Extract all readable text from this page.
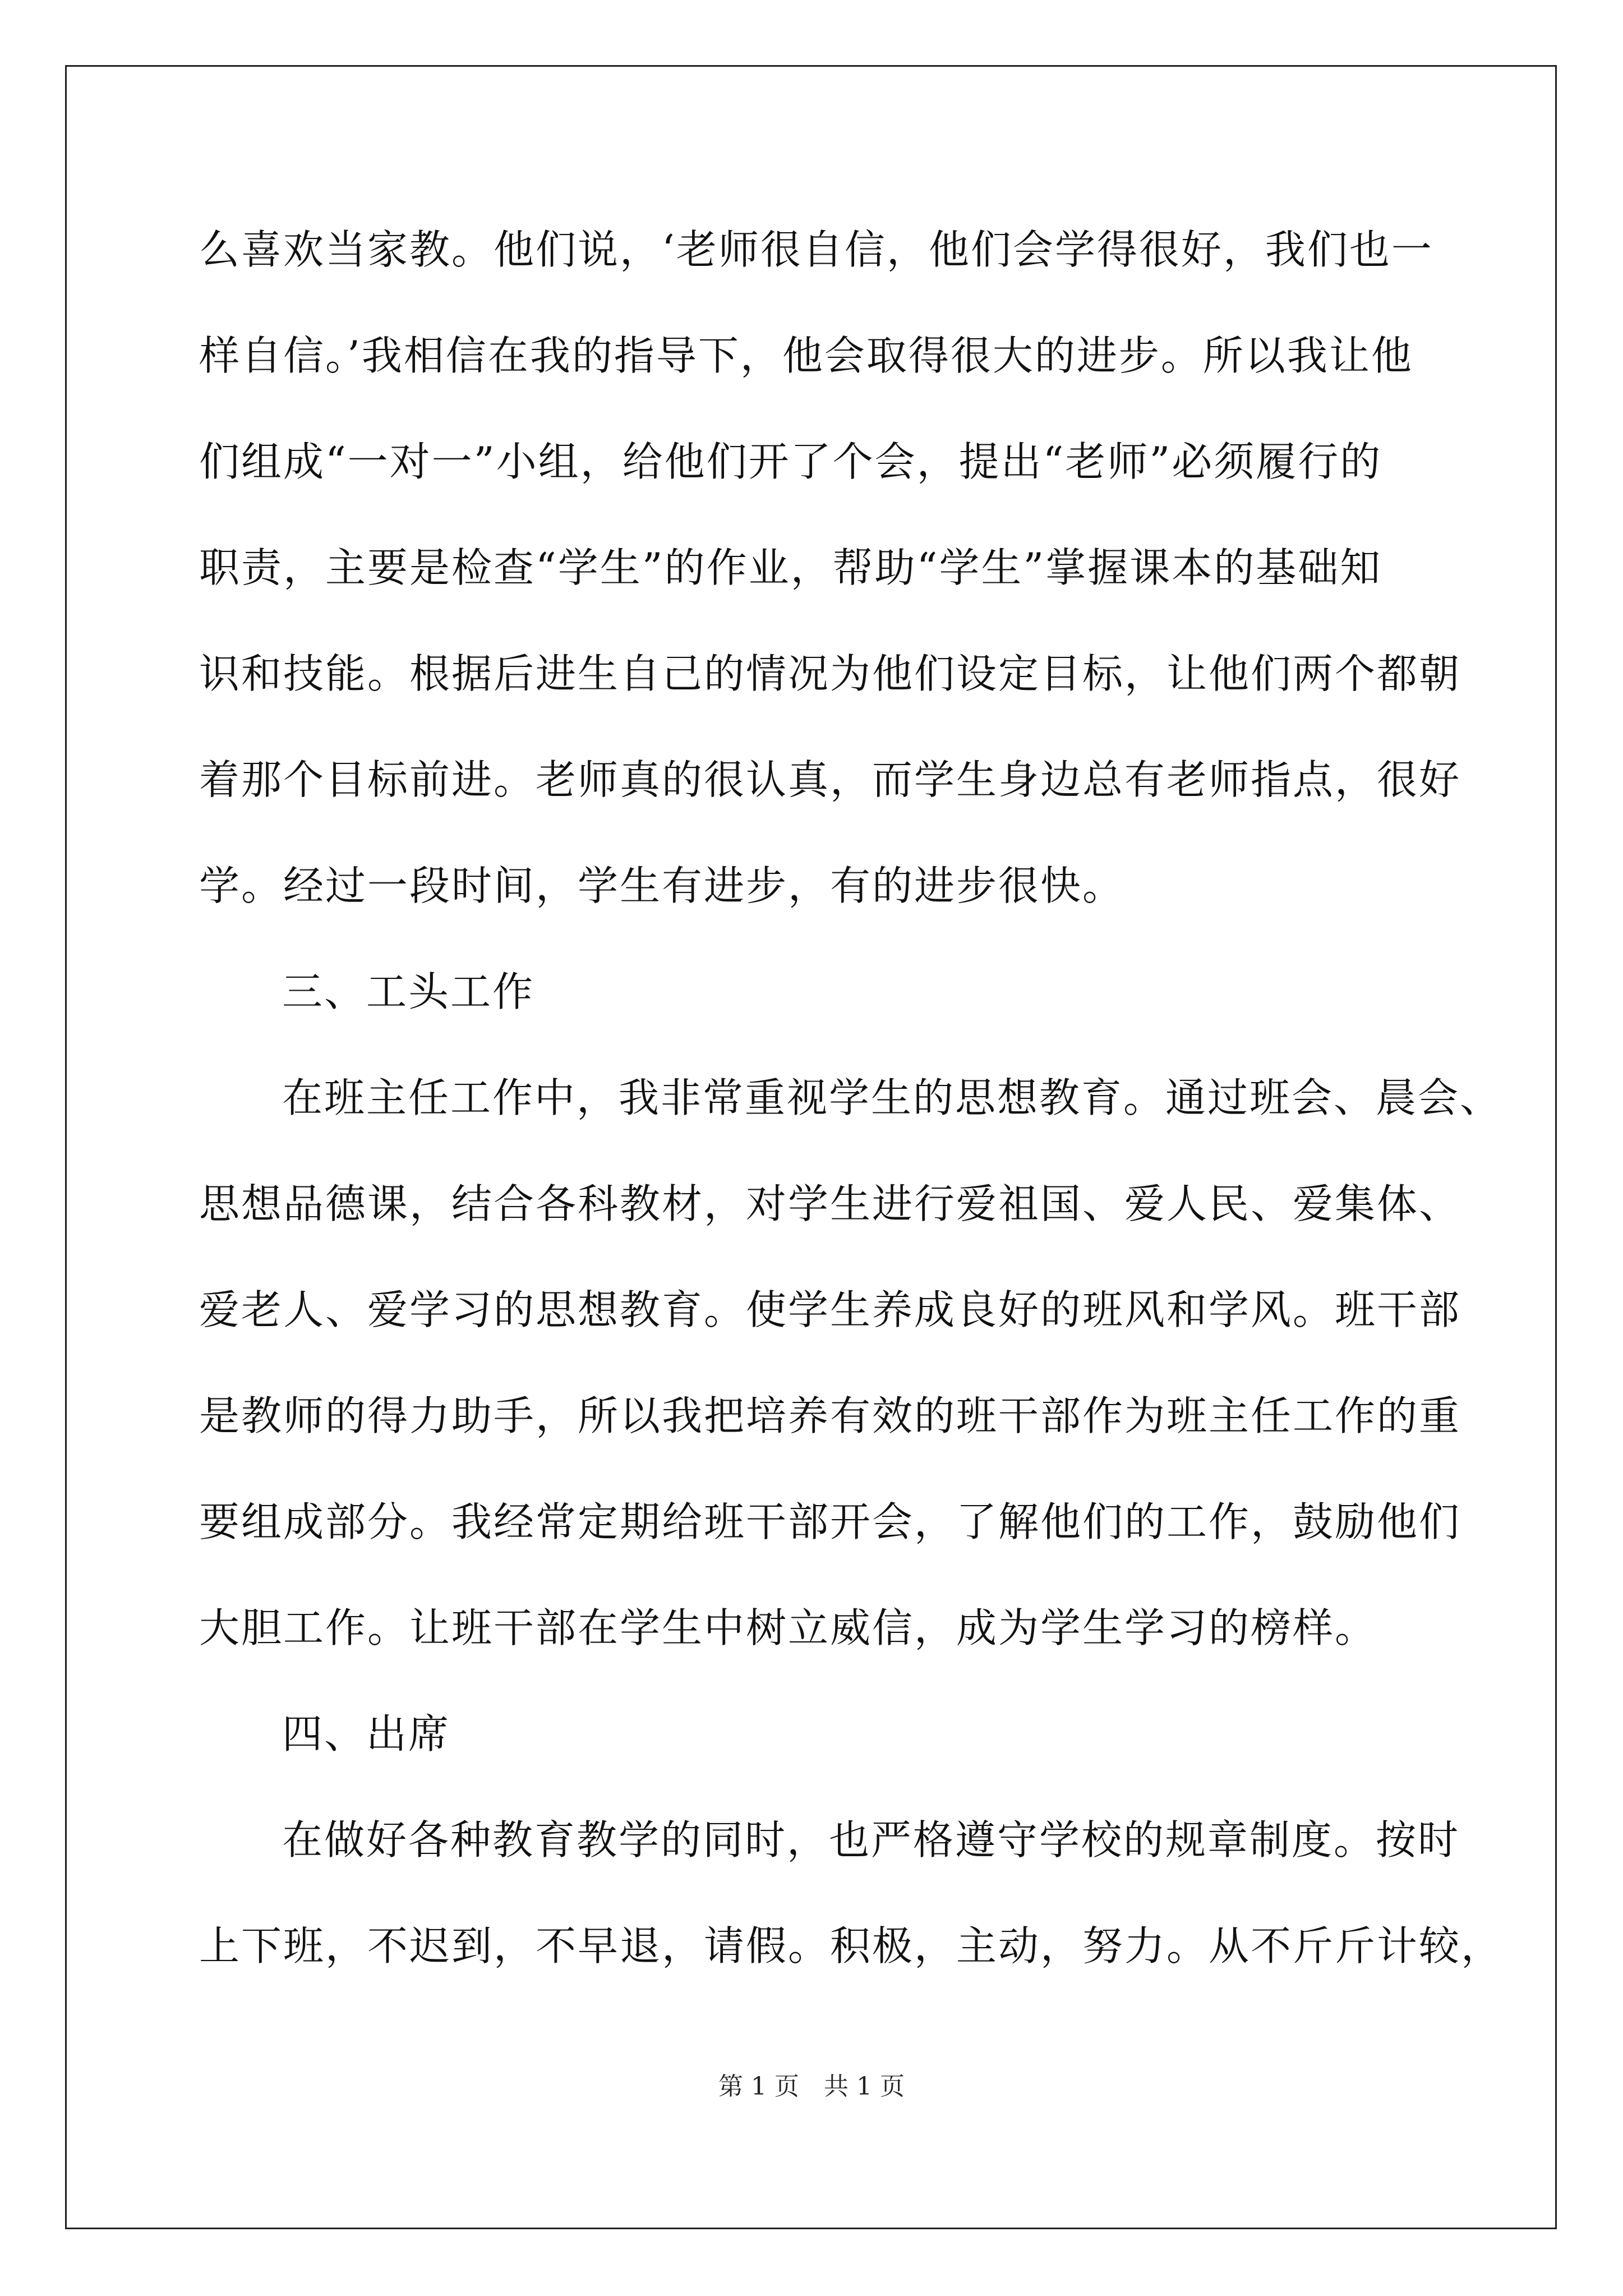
么喜欢当家教。他们说，‘老师很自信，他们会学得很好，我们也一
样自信。’我相信在我的指导下，他会取得很大的进步。所以我让他
们组成“一对一”小组，给他们开了个会，提出“老师”必须履行的
职责，主要是检查“学生”的作业，帮助“学生”掌握课本的基础知
识和技能。根据后进生自己的情况为他们设定目标，让他们两个都朝
着那个目标前进。老师真的很认真，而学生身边总有老师指点，很好
学。经过一段时间，学生有进步，有的进步很快。
三、工头工作
在班主任工作中，我非常重视学生的思想教育。通过班会、晨会、
思想品德课，结合各科教材，对学生进行爱祖国、爱人民、爱集体、
爱老人、爱学习的思想教育。使学生养成良好的班风和学风。班干部
是教师的得力助手，所以我把培养有效的班干部作为班主任工作的重
要组成部分。我经常定期给班干部开会，了解他们的工作，鼓励他们
大胆工作。让班干部在学生中树立威信，成为学生学习的榜样。
四、出席
在做好各种教育教学的同时，也严格遵守学校的规章制度。按时
上下班，不迟到，不早退，请假。积极，主动，努力。从不斤斤计较，
第 1 页　共 1 页
